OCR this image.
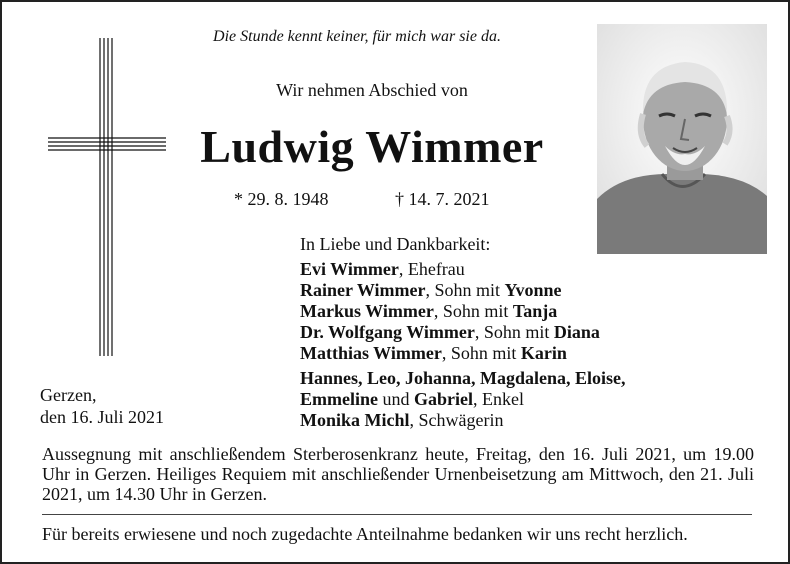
Die Stunde kennt keiner, für mich war sie da.
Wir nehmen Abschied von
Ludwig Wimmer
* 29. 8. 1948	† 14. 7. 2021
In Liebe und Dankbarkeit:
Evi Wimmer, Ehefrau
Rainer Wimmer, Sohn mit Yvonne
Markus Wimmer, Sohn mit Tanja
Dr. Wolfgang Wimmer, Sohn mit Diana
Matthias Wimmer, Sohn mit Karin
Hannes, Leo, Johanna, Magdalena, Eloise,
Emmeline und Gabriel, Enkel
Monika Michl, Schwägerin
Gerzen,
den 16. Juli 2021
Aussegnung mit anschließendem Sterberosenkranz heute, Freitag, den 16. Juli 2021, um 19.00 Uhr in Gerzen. Heiliges Requiem mit anschließender Urnenbeisetzung am Mittwoch, den 21. Juli 2021, um 14.30 Uhr in Gerzen.
Für bereits erwiesene und noch zugedachte Anteilnahme bedanken wir uns recht herzlich.
